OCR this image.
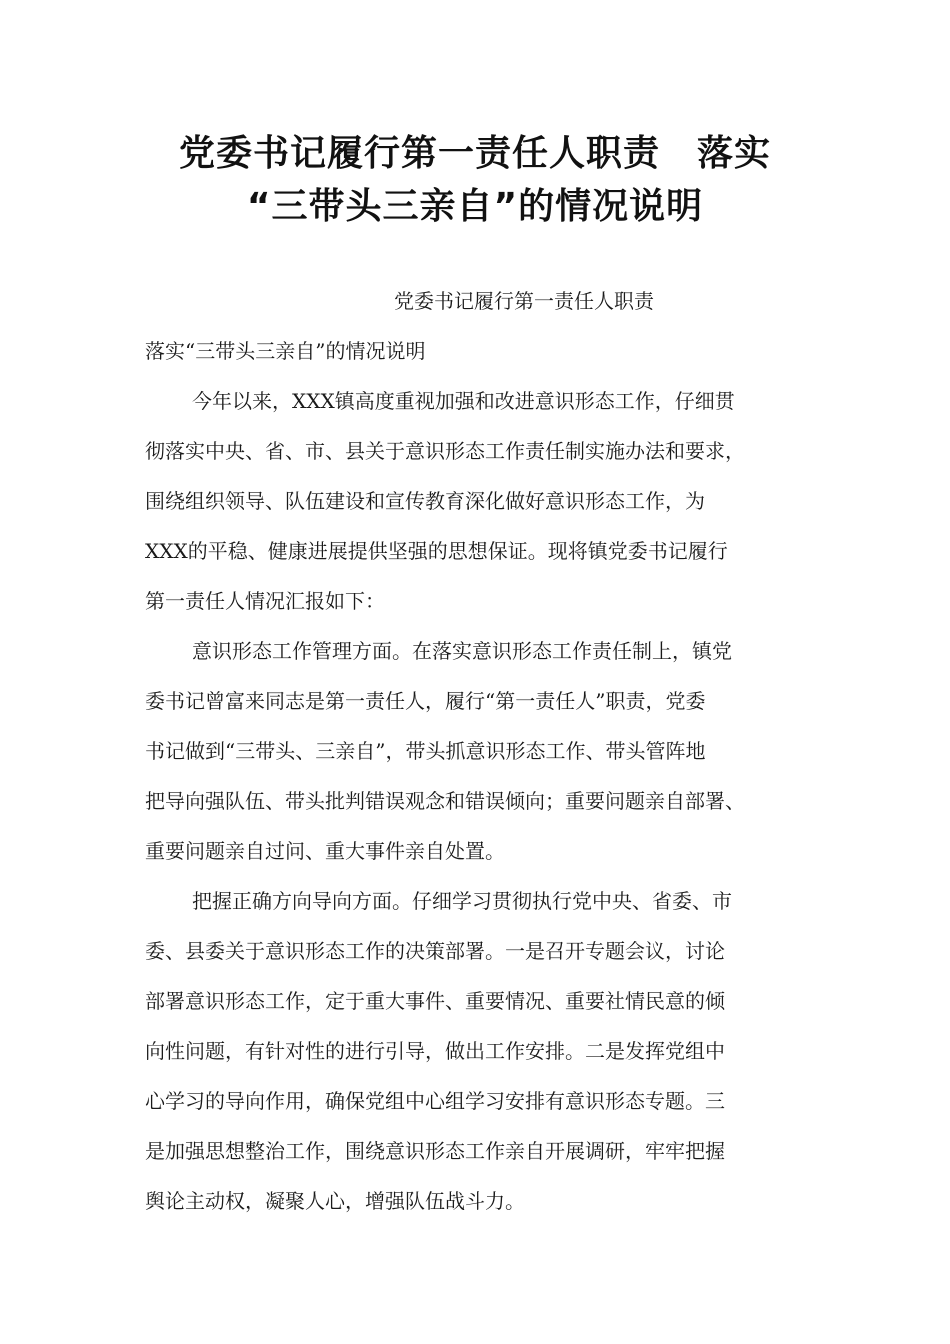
党委书记履行第一责任人职责　落实
“三带头三亲自”的情况说明
党委书记履行第一责任人职责
落实“三带头三亲自”的情况说明
今年以来，XXX镇高度重视加强和改进意识形态工作，仔细贯
彻落实中央、省、市、县关于意识形态工作责任制实施办法和要求，
围绕组织领导、队伍建设和宣传教育深化做好意识形态工作，为
XXX的平稳、健康进展提供坚强的思想保证。现将镇党委书记履行
第一责任人情况汇报如下：
意识形态工作管理方面。在落实意识形态工作责任制上，镇党
委书记曾富来同志是第一责任人，履行“第一责任人”职责，党委
书记做到“三带头、三亲自”，带头抓意识形态工作、带头管阵地
把导向强队伍、带头批判错误观念和错误倾向；重要问题亲自部署、
重要问题亲自过问、重大事件亲自处置。
把握正确方向导向方面。仔细学习贯彻执行党中央、省委、市
委、县委关于意识形态工作的决策部署。一是召开专题会议，讨论
部署意识形态工作，定于重大事件、重要情况、重要社情民意的倾
向性问题，有针对性的进行引导，做出工作安排。二是发挥党组中
心学习的导向作用，确保党组中心组学习安排有意识形态专题。三
是加强思想整治工作，围绕意识形态工作亲自开展调研，牢牢把握
舆论主动权，凝聚人心，增强队伍战斗力。
